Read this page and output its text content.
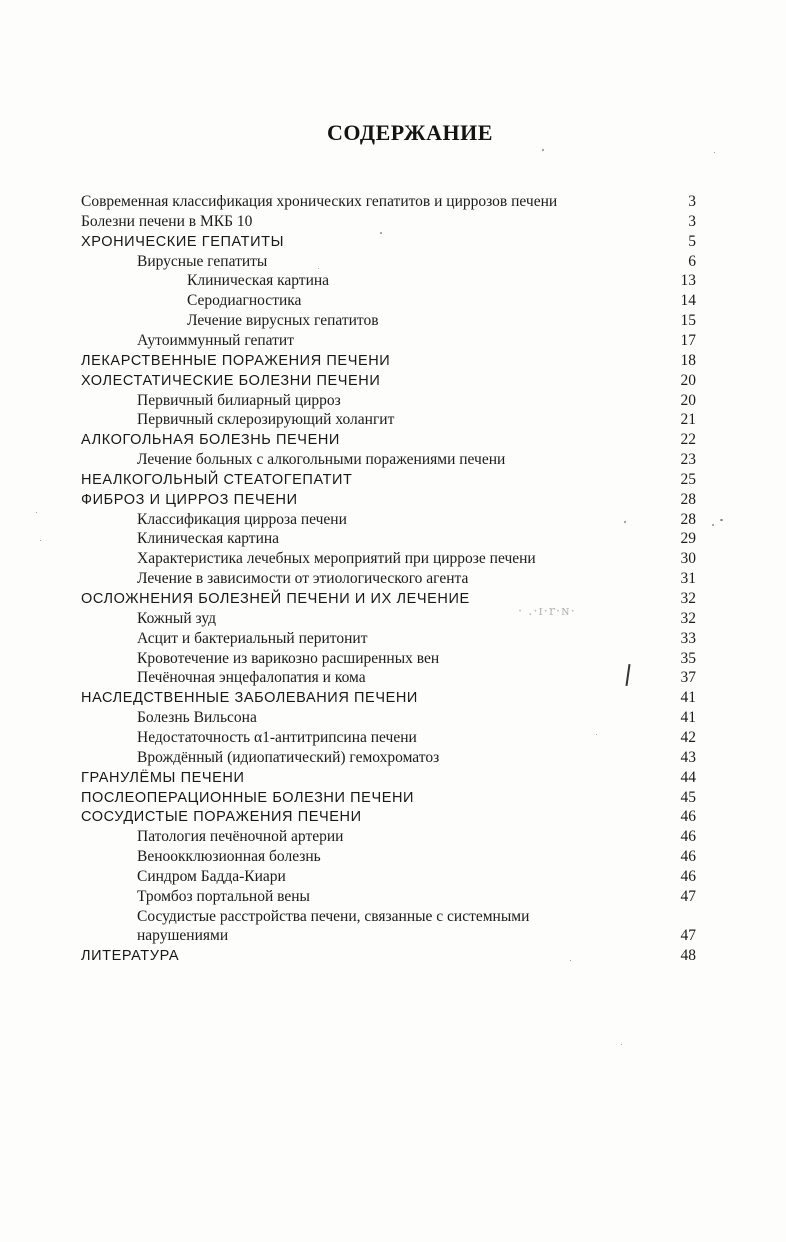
СОДЕРЖАНИЕ
Современная классификация хронических гепатитов и циррозов печени	3
Болезни печени в МКБ 10	3
ХРОНИЧЕСКИЕ ГЕПАТИТЫ	5
Вирусные гепатиты	6
Клиническая картина	13
Серодиагностика	14
Лечение вирусных гепатитов	15
Аутоиммунный гепатит	17
ЛЕКАРСТВЕННЫЕ ПОРАЖЕНИЯ ПЕЧЕНИ	18
ХОЛЕСТАТИЧЕСКИЕ БОЛЕЗНИ ПЕЧЕНИ	20
Первичный билиарный цирроз	20
Первичный склерозирующий холангит	21
АЛКОГОЛЬНАЯ БОЛЕЗНЬ ПЕЧЕНИ	22
Лечение больных с алкогольными поражениями печени	23
НЕАЛКОГОЛЬНЫЙ СТЕАТОГЕПАТИТ	25
ФИБРОЗ И ЦИРРОЗ ПЕЧЕНИ	28
Классификация цирроза печени	28
Клиническая картина	29
Характеристика лечебных мероприятий при циррозе печени	30
Лечение в зависимости от этиологического агента	31
ОСЛОЖНЕНИЯ БОЛЕЗНЕЙ ПЕЧЕНИ И ИХ ЛЕЧЕНИЕ	32
Кожный зуд	32
Асцит и бактериальный перитонит	33
Кровотечение из варикозно расширенных вен	35
Печёночная энцефалопатия и кома	37
НАСЛЕДСТВЕННЫЕ ЗАБОЛЕВАНИЯ ПЕЧЕНИ	41
Болезнь Вильсона	41
Недостаточность α1-антитрипсина печени	42
Врождённый (идиопатический) гемохроматоз	43
ГРАНУЛЁМЫ ПЕЧЕНИ	44
ПОСЛЕОПЕРАЦИОННЫЕ БОЛЕЗНИ ПЕЧЕНИ	45
СОСУДИСТЫЕ ПОРАЖЕНИЯ ПЕЧЕНИ	46
Патология печёночной артерии	46
Веноокклюзионная болезнь	46
Синдром Бадда-Киари	46
Тромбоз портальной вены	47
Сосудистые расстройства печени, связанные с системными
нарушениями	47
ЛИТЕРАТУРА	48
· .·ɪ·r·ɴ·
